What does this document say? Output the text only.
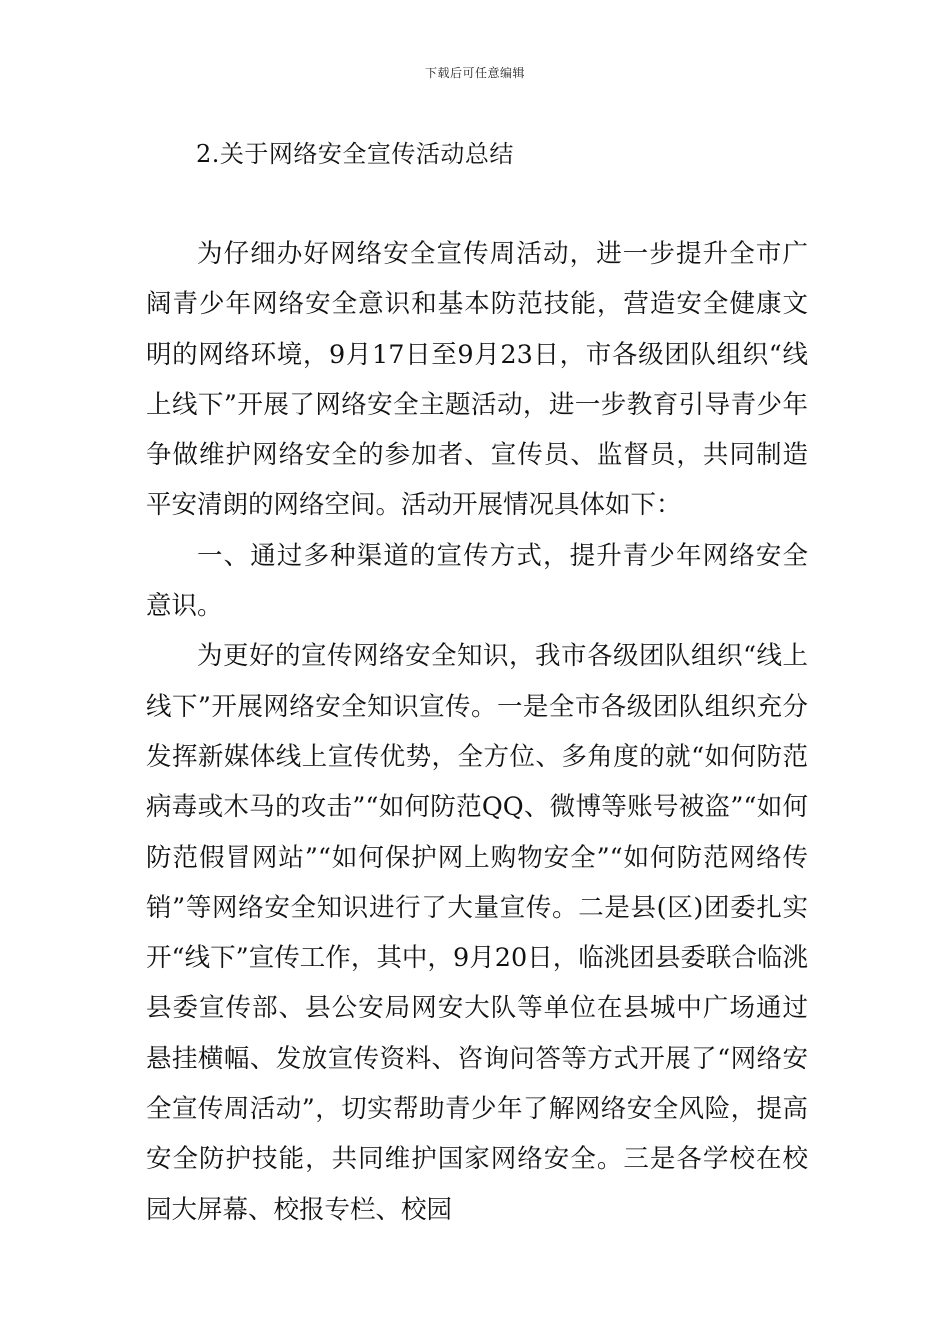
下载后可任意编辑
2.关于网络安全宣传活动总结

为仔细办好网络安全宣传周活动，进一步提升全市广阔青少年网络安全意识和基本防范技能，营造安全健康文明的网络环境，9月17日至9月23日，市各级团队组织“线上线下”开展了网络安全主题活动，进一步教育引导青少年争做维护网络安全的参加者、宣传员、监督员，共同制造平安清朗的网络空间。活动开展情况具体如下：

一、通过多种渠道的宣传方式，提升青少年网络安全意识。

为更好的宣传网络安全知识，我市各级团队组织“线上线下”开展网络安全知识宣传。一是全市各级团队组织充分发挥新媒体线上宣传优势，全方位、多角度的就“如何防范病毒或木马的攻击”“如何防范QQ、微博等账号被盗”“如何防范假冒网站”“如何保护网上购物安全”“如何防范网络传销”等网络安全知识进行了大量宣传。二是县(区)团委扎实开“线下”宣传工作，其中，9月20日，临洮团县委联合临洮县委宣传部、县公安局网安大队等单位在县城中广场通过悬挂横幅、发放宣传资料、咨询问答等方式开展了“网络安全宣传周活动”，切实帮助青少年了解网络安全风险，提高安全防护技能，共同维护国家网络安全。三是各学校在校园大屏幕、校报专栏、校园
